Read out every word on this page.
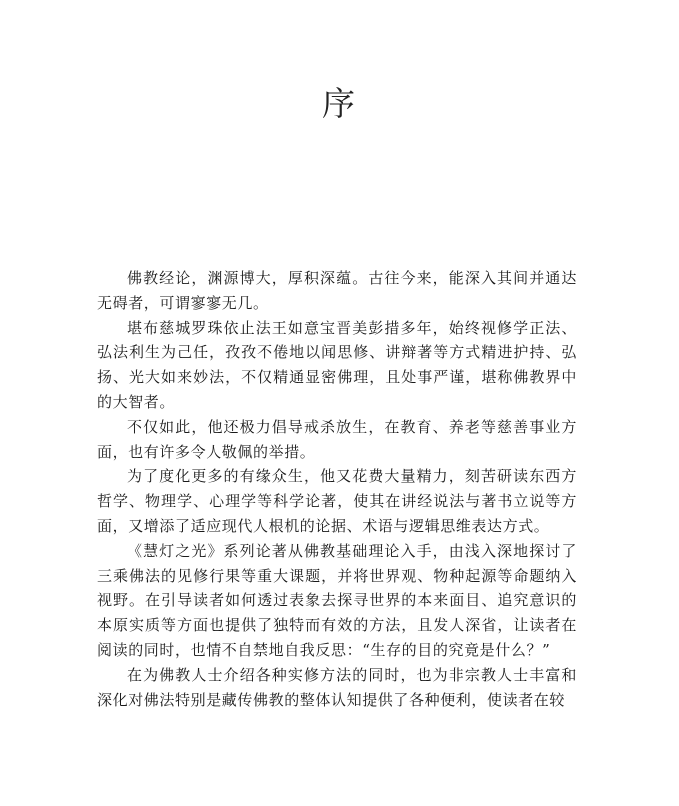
序

佛教经论，渊源博大，厚积深蕴。古往今来，能深入其间并通达无碍者，可谓寥寥无几。

堪布慈城罗珠依止法王如意宝晋美彭措多年，始终视修学正法、弘法利生为己任，孜孜不倦地以闻思修、讲辩著等方式精进护持、弘扬、光大如来妙法，不仅精通显密佛理，且处事严谨，堪称佛教界中的大智者。

不仅如此，他还极力倡导戒杀放生，在教育、养老等慈善事业方面，也有许多令人敬佩的举措。

为了度化更多的有缘众生，他又花费大量精力，刻苦研读东西方哲学、物理学、心理学等科学论著，使其在讲经说法与著书立说等方面，又增添了适应现代人根机的论据、术语与逻辑思维表达方式。

《慧灯之光》系列论著从佛教基础理论入手，由浅入深地探讨了三乘佛法的见修行果等重大课题，并将世界观、物种起源等命题纳入视野。在引导读者如何透过表象去探寻世界的本来面目、追究意识的本原实质等方面也提供了独特而有效的方法，且发人深省，让读者在阅读的同时，也情不自禁地自我反思：“生存的目的究竟是什么？”

在为佛教人士介绍各种实修方法的同时，也为非宗教人士丰富和深化对佛法特别是藏传佛教的整体认知提供了各种便利，使读者在较
